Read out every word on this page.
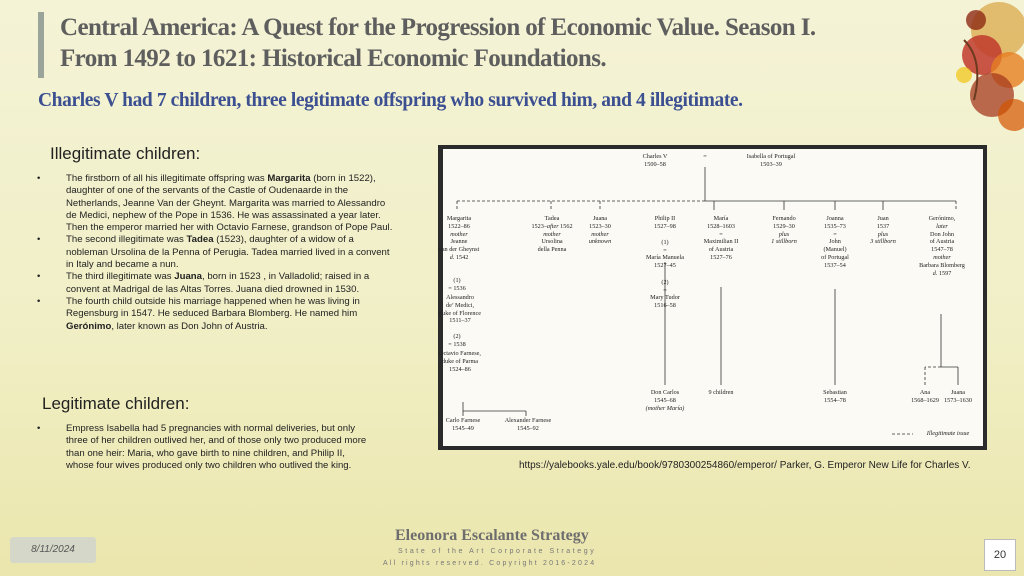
Central America: A Quest for the Progression of Economic Value. Season I.
From 1492 to 1621: Historical Economic Foundations.
Charles V had 7 children, three legitimate offspring who survived him, and 4 illegitimate.
Illegitimate children:
• The firstborn of all his illegitimate offspring was Margarita (born in 1522), daughter of one of the servants of the Castle of Oudenaarde in the Netherlands, Jeanne Van der Gheynt. Margarita was married to Alessandro de Medici, nephew of the Pope in 1536. He was assassinated a year later. Then the emperor married her with Octavio Farnese, grandson of Pope Paul.
• The second illegitimate was Tadea (1523), daughter of a widow of a nobleman Ursolina de la Penna of Perugia. Tadea married lived in a convent in Italy and became a nun.
• The third illegitimate was Juana, born in 1523 , in Valladolid; raised in a convent at Madrigal de las Altas Torres. Juana died drowned in 1530.
• The fourth child outside his marriage happened when he was living in Regensburg in 1547. He seduced Barbara Blomberg. He named him Gerónimo, later known as Don John of Austria.
Legitimate children:
• Empress Isabella had 5 pregnancies with normal deliveries, but only three of her children outlived her, and of those only two produced more than one heir: Maria, who gave birth to nine children, and Philip II, whose four wives produced only two children who outlived the king.
Charles V
1500–58
=	Isabella of Portugal
1503–39
Margarita
1522–86
mother
Jeanne
van der Gheynst
d. 1542
(1)
= 1536
Alessandro
de’ Medici,
duke of Florence
1511–37
(2)
= 1538
Octavio Farnese,
duke of Parma
1524–86
Tadea
1523–after 1562
mother
Ursolina
della Penna
Juana
1523–30
mother
unknown
Philip II
1527–98
(1)
=
María Manuela
1527–45
(2)
=
Mary Tudor
1516–58
María
1528–1603
=
Maximilian II
of Austria
1527–76
Fernando
1529–30
plus
1 stillborn
Joanna
1535–73
=
John
(Manuel)
of Portugal
1537–54
Juan
1537
plus
3 stillborn
Gerónimo,
later
Don John
of Austria
1547–78
mother
Barbara Blomberg
d. 1597
Carlo Farnese
1545–49
Alexander Farnese
1545–92
Don Carlos
1545–68
(mother María)
9 children	Sebastian
1554–78
Ana
1568–1629
Juana
1573–1630
Illegitimate issue
https://yalebooks.yale.edu/book/9780300254860/emperor/ Parker, G. Emperor New Life for Charles V.
Eleonora Escalante Strategy
State of the Art Corporate Strategy
All rights reserved. Copyright 2016-2024
8/11/2024	20
